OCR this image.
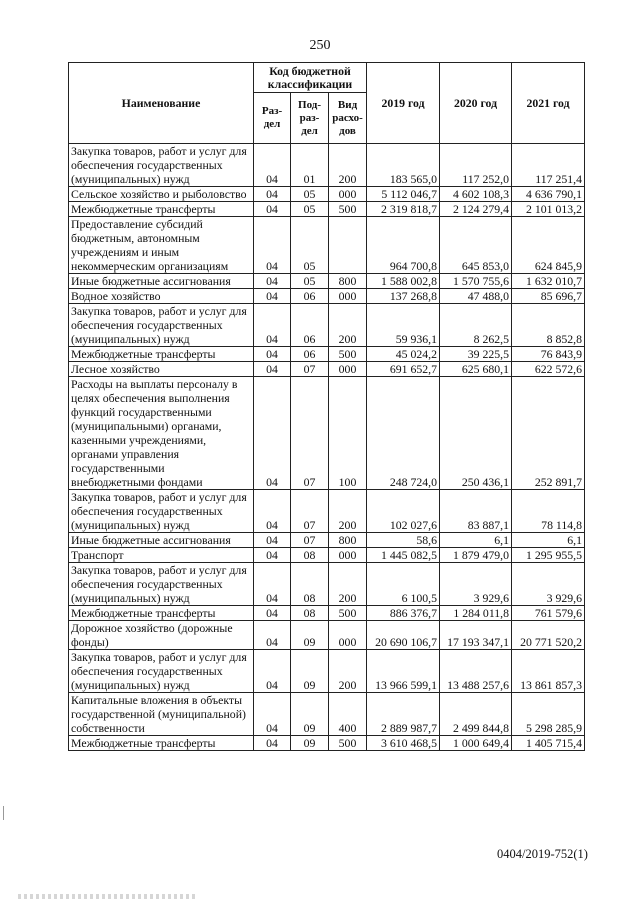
250
Наименование	Код бюджетной классификации			2019 год	2020 год	2021 год
	Раз-дел	Под-раз-дел	Вид расхо-дов			
Закупка товаров, работ и услуг для обеспечения государственных (муниципальных) нужд	04	01	200	183 565,0	117 252,0	117 251,4
Сельское хозяйство и рыболовство	04	05	000	5 112 046,7	4 602 108,3	4 636 790,1
Межбюджетные трансферты	04	05	500	2 319 818,7	2 124 279,4	2 101 013,2
Предоставление субсидий бюджетным, автономным учреждениям и иным некоммерческим организациям	04	05		964 700,8	645 853,0	624 845,9
Иные бюджетные ассигнования	04	05	800	1 588 002,8	1 570 755,6	1 632 010,7
Водное хозяйство	04	06	000	137 268,8	47 488,0	85 696,7
Закупка товаров, работ и услуг для обеспечения государственных (муниципальных) нужд	04	06	200	59 936,1	8 262,5	8 852,8
Межбюджетные трансферты	04	06	500	45 024,2	39 225,5	76 843,9
Лесное хозяйство	04	07	000	691 652,7	625 680,1	622 572,6
Расходы на выплаты персоналу в целях обеспечения выполнения функций государственными (муниципальными) органами, казенными учреждениями, органами управления государственными внебюджетными фондами	04	07	100	248 724,0	250 436,1	252 891,7
Закупка товаров, работ и услуг для обеспечения государственных (муниципальных) нужд	04	07	200	102 027,6	83 887,1	78 114,8
Иные бюджетные ассигнования	04	07	800	58,6	6,1	6,1
Транспорт	04	08	000	1 445 082,5	1 879 479,0	1 295 955,5
Закупка товаров, работ и услуг для обеспечения государственных (муниципальных) нужд	04	08	200	6 100,5	3 929,6	3 929,6
Межбюджетные трансферты	04	08	500	886 376,7	1 284 011,8	761 579,6
Дорожное хозяйство (дорожные фонды)	04	09	000	20 690 106,7	17 193 347,1	20 771 520,2
Закупка товаров, работ и услуг для обеспечения государственных (муниципальных) нужд	04	09	200	13 966 599,1	13 488 257,6	13 861 857,3
Капитальные вложения в объекты государственной (муниципальной) собственности	04	09	400	2 889 987,7	2 499 844,8	5 298 285,9
Межбюджетные трансферты	04	09	500	3 610 468,5	1 000 649,4	1 405 715,4
0404/2019-752(1)
